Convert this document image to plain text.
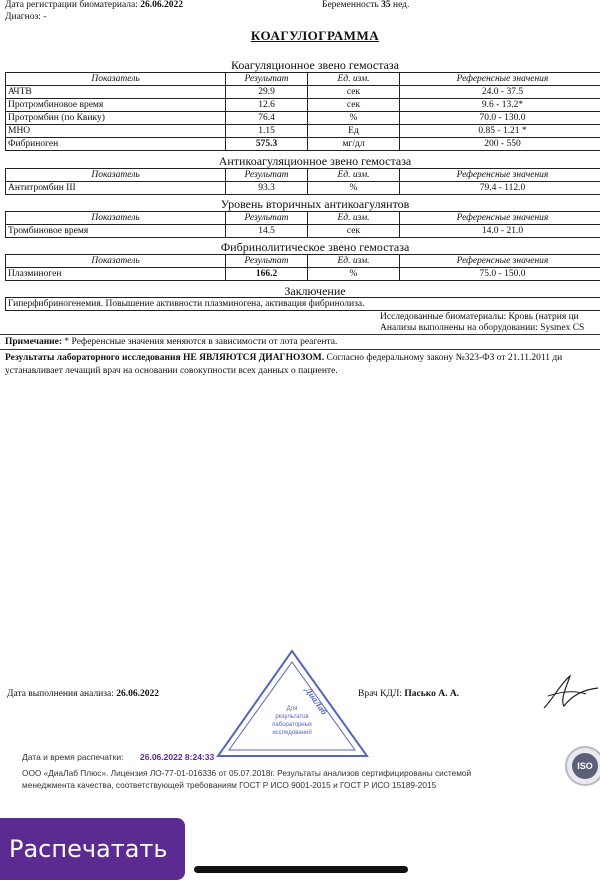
Дата регистрации биоматериала: 26.06.2022	Беременность 35 нед.
Диагноз: -
КОАГУЛОГРАММА
Коагуляционное звено гемостаза
Показатель	Результат	Ед. изм.	Референсные значения
АЧТВ	29.9	сек	24.0 - 37.5
Протромбиновое время	12.6	сек	9.6 - 13.2*
Протромбин (по Квику)	76.4	%	70.0 - 130.0
МНО	1.15	Ед	0.85 - 1.21 *
Фибриноген	575.3	мг/дл	200 - 550
Антикоагуляционное звено гемостаза
Показатель	Результат	Ед. изм.	Референсные значения
Антитромбин III	93.3	%	79.4 - 112.0
Уровень вторичных антикоагулянтов
Показатель	Результат	Ед. изм.	Референсные значения
Тромбиновое время	14.5	сек	14.0 - 21.0
Фибринолитическое звено гемостаза
Показатель	Результат	Ед. изм.	Референсные значения
Плазминоген	166.2	%	75.0 - 150.0
Заключение
Гиперфибриногенемия. Повышение активности плазминогена, активация фибринолиза.
Исследованные биоматериалы: Кровь (натрия ци
Анализы выполнены на оборудовании: Sysmex CS
Примечание: * Референсные значения меняются в зависимости от лота реагента.
Результаты лабораторного исследования НЕ ЯВЛЯЮТСЯ ДИАГНОЗОМ. Согласно федеральному закону №323-ФЗ от 21.11.2011 ди
устанавливает лечащий врач на основании совокупности всех данных о пациенте.
ДиаЛаб
Для
результатов
лабораторных
исследований
Дата выполнения анализа: 26.06.2022	Врач КДЛ: Пасько А. А.
Дата и время распечатки: 26.06.2022 8:24:33
ООО «ДиаЛаб Плюс». Лицензия ЛО-77-01-016336 от 05.07.2018г. Результаты анализов сертифицированы системой
менеджмента качества, соответствующей требованиям ГОСТ Р ИСО 9001-2015 и ГОСТ Р ИСО 15189-2015
ISO
Распечатать
